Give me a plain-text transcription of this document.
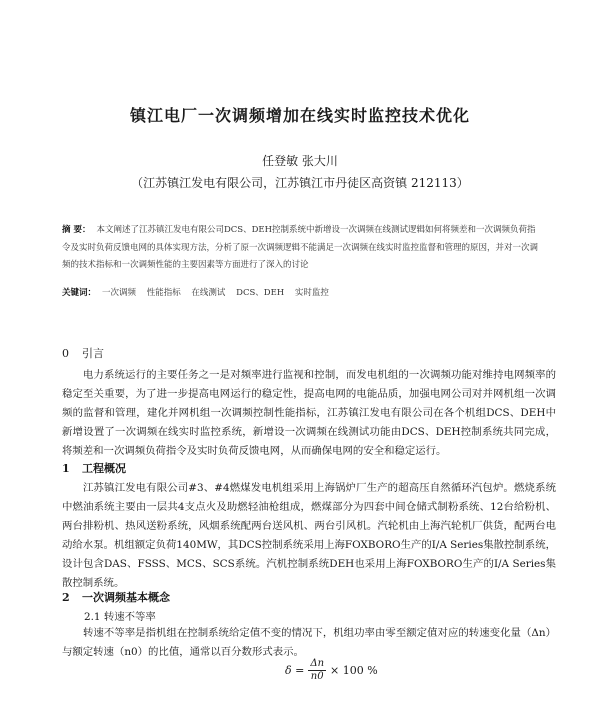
镇江电厂一次调频增加在线实时监控技术优化
任登敏 张大川
（江苏镇江发电有限公司，江苏镇江市丹徒区高资镇 212113）
摘 要： 本文阐述了江苏镇江发电有限公司DCS、DEH控制系统中新增设一次调频在线测试逻辑如何将频差和一次调频负荷指令及实时负荷反馈电网的具体实现方法，分析了原一次调频逻辑不能满足一次调频在线实时监控监督和管理的原因，并对一次调频的技术指标和一次调频性能的主要因素等方面进行了深入的讨论
关键词： 一次调频 性能指标 在线测试 DCS、DEH 实时监控
0 引言

电力系统运行的主要任务之一是对频率进行监视和控制，而发电机组的一次调频功能对维持电网频率的稳定至关重要，为了进一步提高电网运行的稳定性，提高电网的电能品质，加强电网公司对并网机组一次调频的监督和管理，建化并网机组一次调频控制性能指标，江苏镇江发电有限公司在各个机组DCS、DEH中新增设置了一次调频在线实时监控系统，新增设一次调频在线测试功能由DCS、DEH控制系统共同完成，将频差和一次调频负荷指令及实时负荷反馈电网，从而确保电网的安全和稳定运行。

1 工程概况

江苏镇江发电有限公司#3、#4燃煤发电机组采用上海锅炉厂生产的超高压自然循环汽包炉。燃烧系统中燃油系统主要由一层共4支点火及助燃轻油枪组成，燃煤部分为四套中间仓储式制粉系统、12台给粉机、两台排粉机、热风送粉系统，风烟系统配两台送风机、两台引风机。汽轮机由上海汽轮机厂供货，配两台电动给水泵。机组额定负荷140MW，其DCS控制系统采用上海FOXBORO生产的I/A Series集散控制系统，设计包含DAS、FSSS、MCS、SCS系统。汽机控制系统DEH也采用上海FOXBORO生产的I/A Series集散控制系统。

2 一次调频基本概念
2.1 转速不等率

转速不等率是指机组在控制系统给定值不变的情况下，机组功率由零至额定值对应的转速变化量（Δn）与额定转速（n0）的比值，通常以百分数形式表示。

$\delta = \frac{\Delta n}{n0} \times 100$ %
